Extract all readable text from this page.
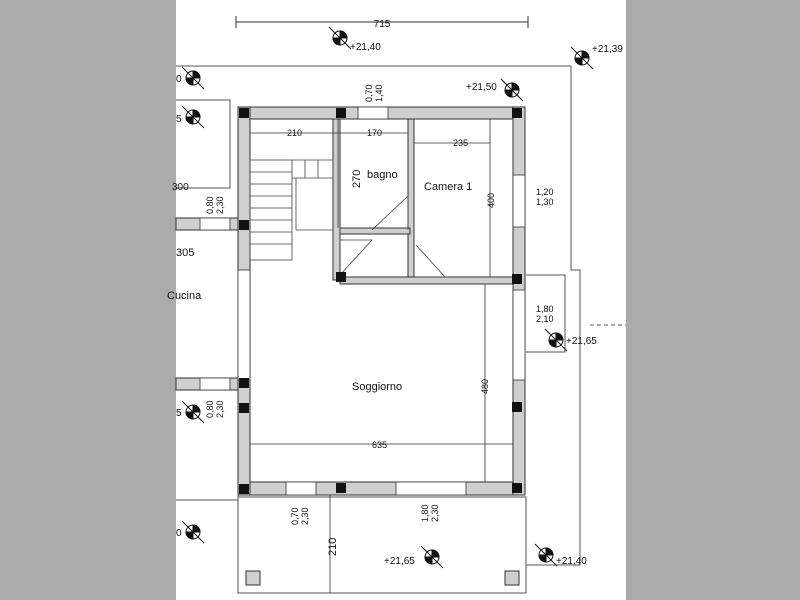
715
+21,40	+21,39
+21,50
+21,65
+21,65	+21,40
0
5
5
0
bagno
Camera 1
Soggiorno
Cucina
210	170
235
270
400
635
480
210
300
305
0,70 1,40
1,20
1,30
1,80
2,10
0,80 2,30
0,80 2,30
0,70 2,30	1,80 2,30
